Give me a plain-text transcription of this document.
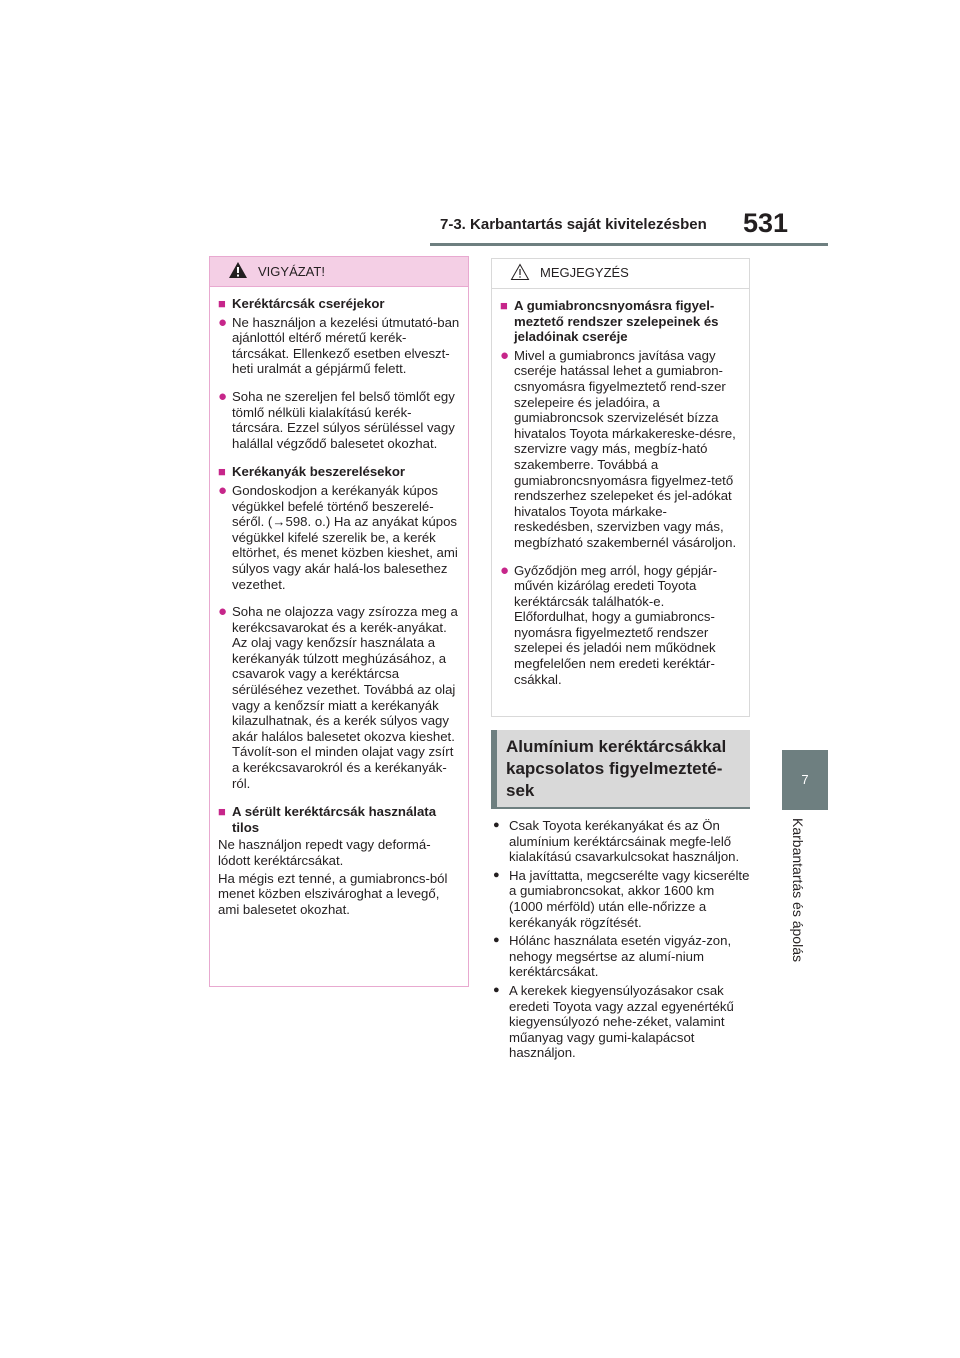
7-3. Karbantartás saját kivitelezésben 531
7
Karbantartás és ápolás
VIGYÁZAT!
■ Keréktárcsák cseréjekor
● Ne használjon a kezelési útmutató-ban ajánlottól eltérő méretű kerék-tárcsákat. Ellenkező esetben elveszt-heti uralmát a gépjármű felett.
● Soha ne szereljen fel belső tömlőt egy tömlő nélküli kialakítású kerék-tárcsára. Ezzel súlyos sérüléssel vagy halállal végződő balesetet okozhat.
■ Kerékanyák beszerelésekor
● Gondoskodjon a kerékanyák kúpos végükkel befelé történő beszerelé-séről. (→598. o.) Ha az anyákat kúpos végükkel kifelé szerelik be, a kerék eltörhet, és menet közben kieshet, ami súlyos vagy akár halá-los balesethez vezethet.
● Soha ne olajozza vagy zsírozza meg a kerékcsavarokat és a kerék-anyákat. Az olaj vagy kenőzsír használata a kerékanyák túlzott meghúzásához, a csavarok vagy a keréktárcsa sérüléséhez vezethet. Továbbá az olaj vagy a kenőzsír miatt a kerékanyák kilazulhatnak, és a kerék súlyos vagy akár halálos balesetet okozva kieshet. Távolít-son el minden olajat vagy zsírt a kerékcsavarokról és a kerékanyák-ról.
■ A sérült keréktárcsák használata tilos
Ne használjon repedt vagy deformá-lódott keréktárcsákat.
Ha mégis ezt tenné, a gumiabroncs-ból menet közben elszivároghat a levegő, ami balesetet okozhat.
MEGJEGYZÉS
■ A gumiabroncsnyomásra figyel-meztető rendszer szelepeinek és jeladóinak cseréje
● Mivel a gumiabroncs javítása vagy cseréje hatással lehet a gumiabron-csnyomásra figyelmeztető rend-szer szelepeire és jeladóira, a gumiabroncsok szervizelését bízza hivatalos Toyota márkakereske-désre, szervizre vagy más, megbíz-ható szakemberre. Továbbá a gumiabroncsnyomásra figyelmez-tető rendszerhez szelepeket és jel-adókat hivatalos Toyota márkake-reskedésben, szervizben vagy más, megbízható szakembernél vásároljon.
● Győződjön meg arról, hogy gépjár-művén kizárólag eredeti Toyota keréktárcsák találhatók-e. Előfordulhat, hogy a gumiabroncs-nyomásra figyelmeztető rendszer szelepei és jeladói nem működnek megfelelően nem eredeti keréktár-csákkal.
Alumínium keréktárcsákkal
kapcsolatos figyelmezteté-
sek
● Csak Toyota kerékanyákat és az Ön alumínium keréktárcsáinak megfe-lelő kialakítású csavarkulcsokat használjon.
● Ha javíttatta, megcserélte vagy kicserélte a gumiabroncsokat, akkor 1600 km (1000 mérföld) után elle-nőrizze a kerékanyák rögzítését.
● Hólánc használata esetén vigyáz-zon, nehogy megsértse az alumí-nium keréktárcsákat.
● A kerekek kiegyensúlyozásakor csak eredeti Toyota vagy azzal egyenértékű kiegyensúlyozó nehe-zéket, valamint műanyag vagy gumi-kalapácsot használjon.
